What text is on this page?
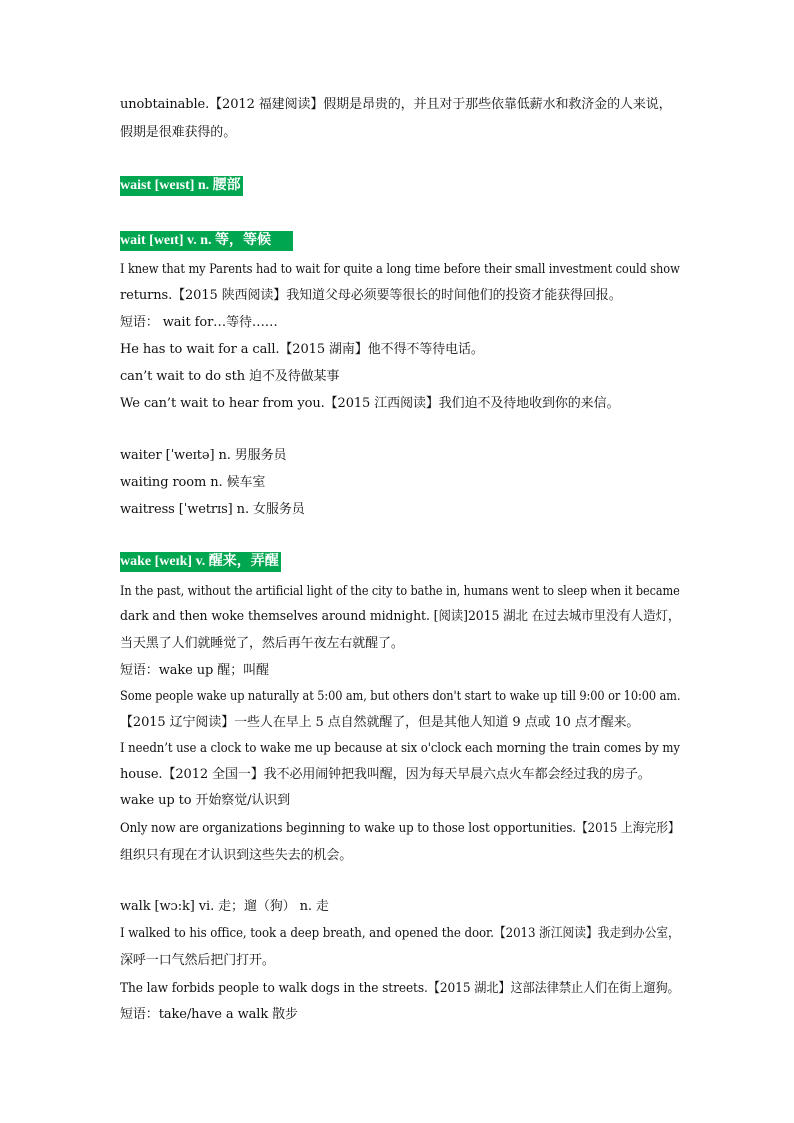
unobtainable.【2012 福建阅读】假期是昂贵的，并且对于那些依靠低薪水和救济金的人来说，
假期是很难获得的。
waist [weɪst] n. 腰部
wait [weɪt] v. n. 等，等候
I knew that my Parents had to wait for quite a long time before their small investment could show
returns.【2015 陕西阅读】我知道父母必须要等很长的时间他们的投资才能获得回报。
短语： wait for…等待……
He has to wait for a call.【2015 湖南】他不得不等待电话。
can’t wait to do sth 迫不及待做某事
We can’t wait to hear from you.【2015 江西阅读】我们迫不及待地收到你的来信。
waiter [ˈweɪtə] n. 男服务员
waiting room n. 候车室
waitress [ˈwetrɪs] n. 女服务员
wake [weɪk] v. 醒来，弄醒
In the past, without the artificial light of the city to bathe in, humans went to sleep when it became
dark and then woke themselves around midnight. [阅读]2015 湖北 在过去城市里没有人造灯，
当天黑了人们就睡觉了，然后再午夜左右就醒了。
短语：wake up 醒；叫醒
Some people wake up naturally at 5:00 am, but others don't start to wake up till 9:00 or 10:00 am.
【2015 辽宁阅读】一些人在早上 5 点自然就醒了，但是其他人知道 9 点或 10 点才醒来。
I needn’t use a clock to wake me up because at six o'clock each morning the train comes by my
house.【2012 全国一】我不必用闹钟把我叫醒，因为每天早晨六点火车都会经过我的房子。
wake up to 开始察觉/认识到
Only now are organizations beginning to wake up to those lost opportunities.【2015 上海完形】
组织只有现在才认识到这些失去的机会。
walk [wɔ:k] vi. 走；遛（狗） n. 走
I walked to his office, took a deep breath, and opened the door.【2013 浙江阅读】我走到办公室，
深呼一口气然后把门打开。
The law forbids people to walk dogs in the streets.【2015 湖北】这部法律禁止人们在街上遛狗。
短语：take/have a walk 散步
